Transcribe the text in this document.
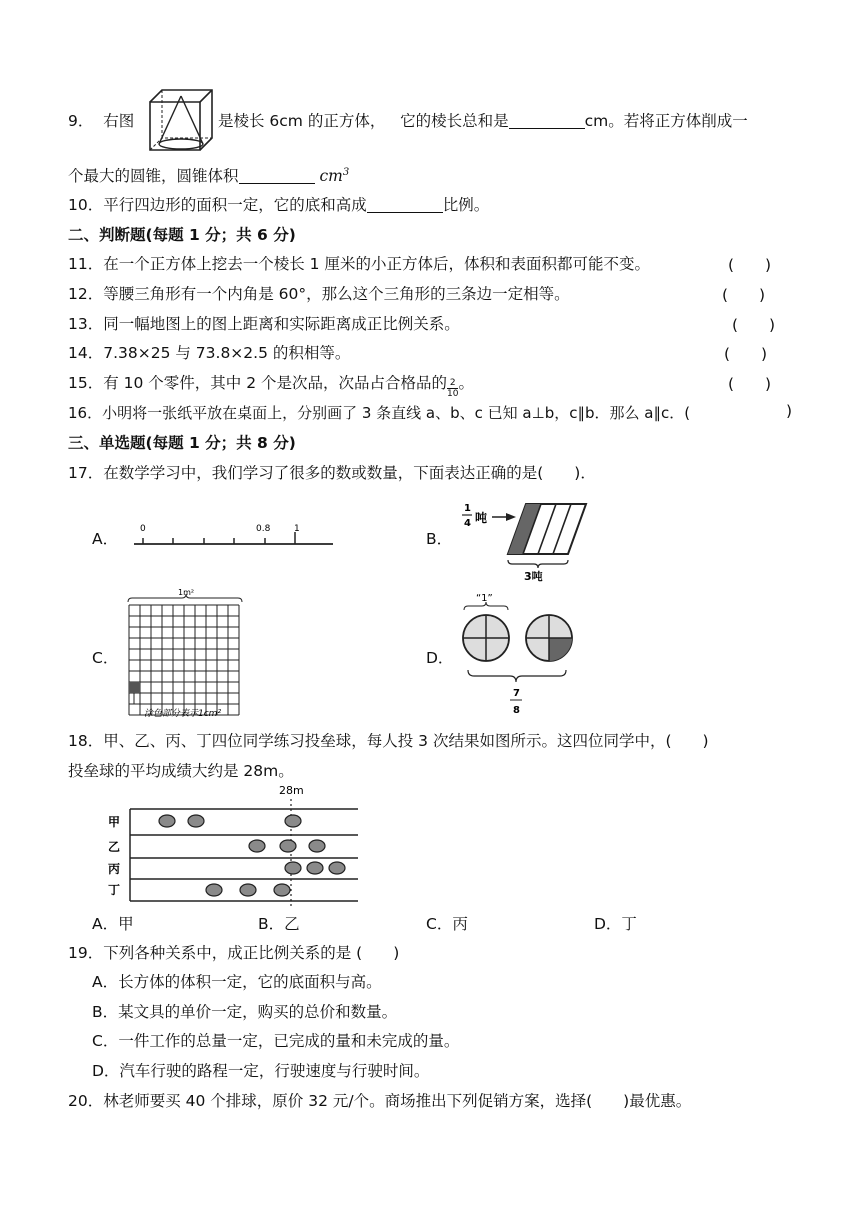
9． 右图	是棱长 6cm 的正方体， 它的棱长总和是	cm。若将正方体削成一
个最大的圆锥，圆锥体积	$cm^3$
10．平行四边形的面积一定，它的底和高成	比例。
二、判断题(每题 1 分；共 6 分)
11．在一个正方体上挖去一个棱长 1 厘米的小正方体后，体积和表面积都可能不变。	(　　)
12．等腰三角形有一个内角是 60°，那么这个三角形的三条边一定相等。	(　　)
13．同一幅地图上的图上距离和实际距离成正比例关系。	(　　)
14．7.38×25 与 73.8×2.5 的积相等。	(　　)
15．有 10 个零件，其中 2 个是次品，次品占合格品的 $\frac{2}{10}$ 。	(　　)
16．小明将一张纸平放在桌面上，分别画了 3 条直线 a、b、c 已知 a⊥b，c∥b．那么 a∥c．(	)
三、单选题(每题 1 分；共 8 分)
17．在数学学习中，我们学习了很多的数或数量，下面表达正确的是(　　)．
A．
0	0.8	1
B．
1
4 吨
3吨
C．
1m²
涂色部分表示1cm²
D．
“1”
7
8
18．甲、乙、丙、丁四位同学练习投垒球，每人投 3 次结果如图所示。这四位同学中，(　　)
投垒球的平均成绩大约是 28m。
28m
甲
乙
丙
丁
A．甲	B．乙	C．丙	D．丁
19．下列各种关系中，成正比例关系的是 (　　)
A．长方体的体积一定，它的底面积与高。
B．某文具的单价一定，购买的总价和数量。
C．一件工作的总量一定，已完成的量和未完成的量。
D．汽车行驶的路程一定，行驶速度与行驶时间。
20．林老师要买 40 个排球，原价 32 元/个。商场推出下列促销方案，选择(　　)最优惠。
